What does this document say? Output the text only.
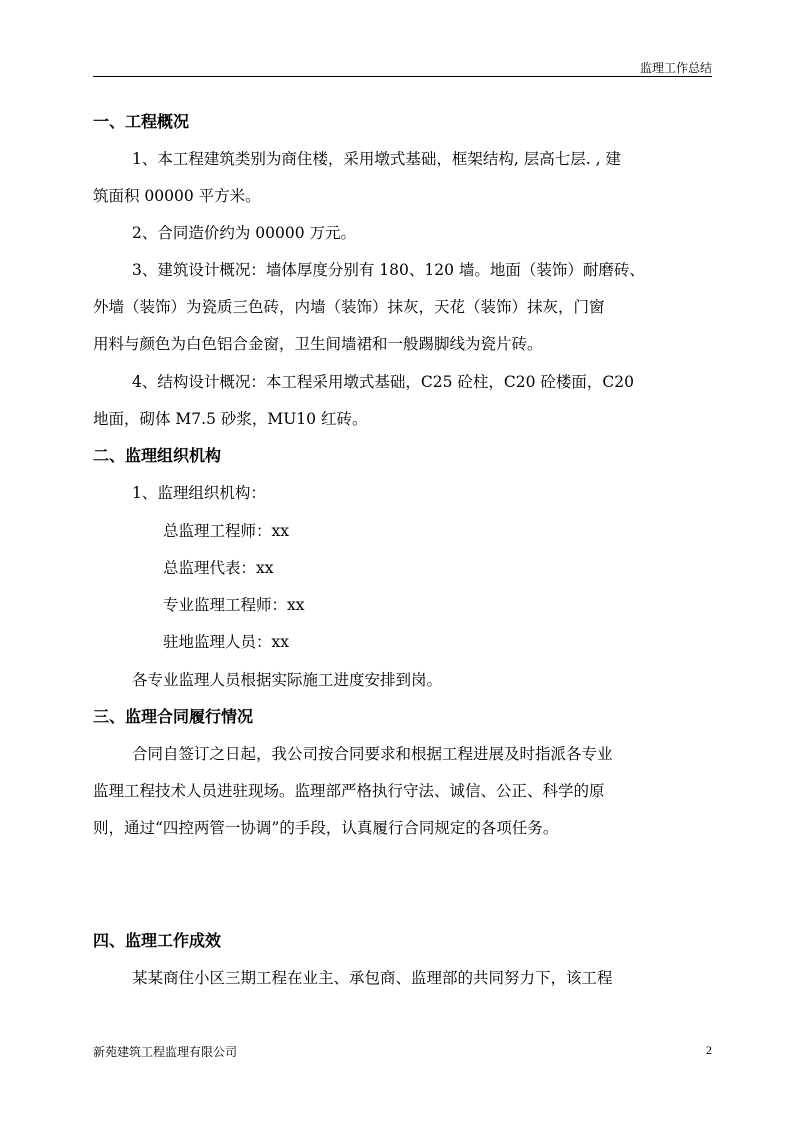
监理工作总结
一、工程概况
1、本工程建筑类别为商住楼，采用墩式基础，框架结构, 层高七层. , 建
筑面积 00000 平方米。
2、合同造价约为 00000 万元。
3、建筑设计概况：墙体厚度分别有 180、120 墙。地面（装饰）耐磨砖、
外墙（装饰）为瓷质三色砖，内墙（装饰）抹灰，天花（装饰）抹灰，门窗
用料与颜色为白色铝合金窗，卫生间墙裙和一般踢脚线为瓷片砖。
4、结构设计概况：本工程采用墩式基础，C25 砼柱，C20 砼楼面，C20
地面，砌体 M7.5 砂浆，MU10 红砖。
二、监理组织机构
1、监理组织机构：
总监理工程师：xx
总监理代表：xx
专业监理工程师：xx
驻地监理人员：xx
各专业监理人员根据实际施工进度安排到岗。
三、监理合同履行情况
合同自签订之日起，我公司按合同要求和根据工程进展及时指派各专业
监理工程技术人员进驻现场。监理部严格执行守法、诚信、公正、科学的原
则，通过“四控两管一协调”的手段，认真履行合同规定的各项任务。
四、监理工作成效
某某商住小区三期工程在业主、承包商、监理部的共同努力下，该工程
新苑建筑工程监理有限公司	2
